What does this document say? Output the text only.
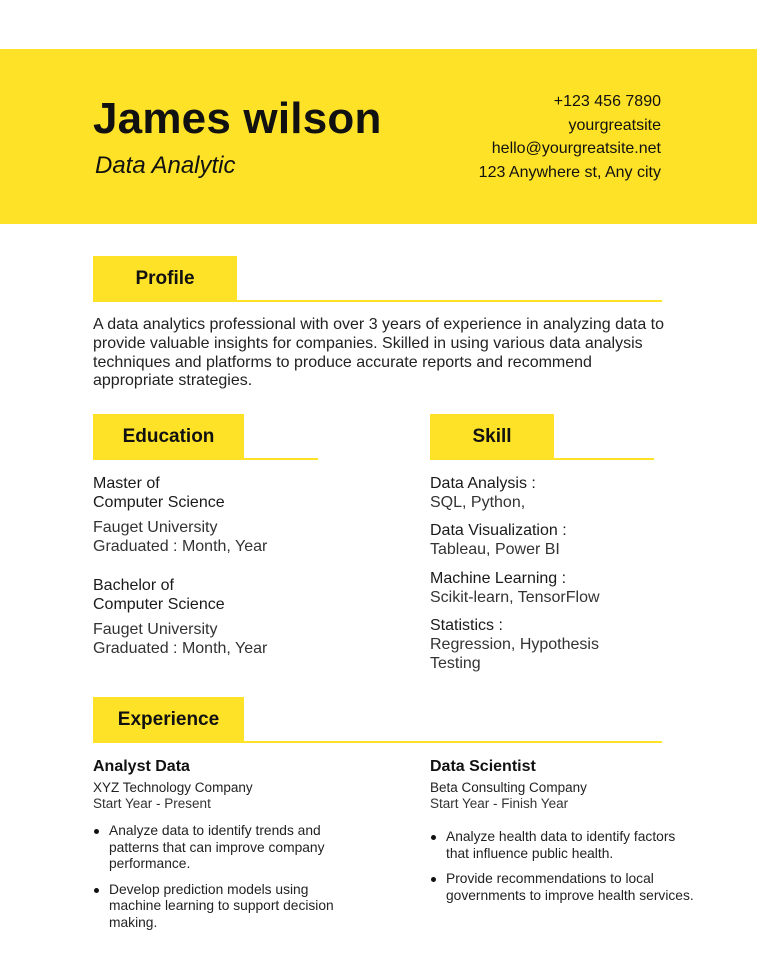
James wilson
Data Analytic
+123 456 7890
yourgreatsite
hello@yourgreatsite.net
123 Anywhere st, Any city
Profile

A data analytics professional with over 3 years of experience in analyzing data to provide valuable insights for companies. Skilled in using various data analysis techniques and platforms to produce accurate reports and recommend appropriate strategies.

Education
Master of
Computer Science
Fauget University
Graduated : Month, Year
Bachelor of
Computer Science
Fauget University
Graduated : Month, Year
Skill
Data Analysis :
SQL, Python,
Data Visualization :
Tableau, Power BI
Machine Learning :
Scikit-learn, TensorFlow
Statistics :
Regression, Hypothesis
Testing
Experience
Analyst Data
XYZ Technology Company
Start Year - Present
Analyze data to identify trends and patterns that can improve company performance.
Develop prediction models using machine learning to support decision making.
Data Scientist
Beta Consulting Company
Start Year - Finish Year
Analyze health data to identify factors that influence public health.
Provide recommendations to local governments to improve health services.
